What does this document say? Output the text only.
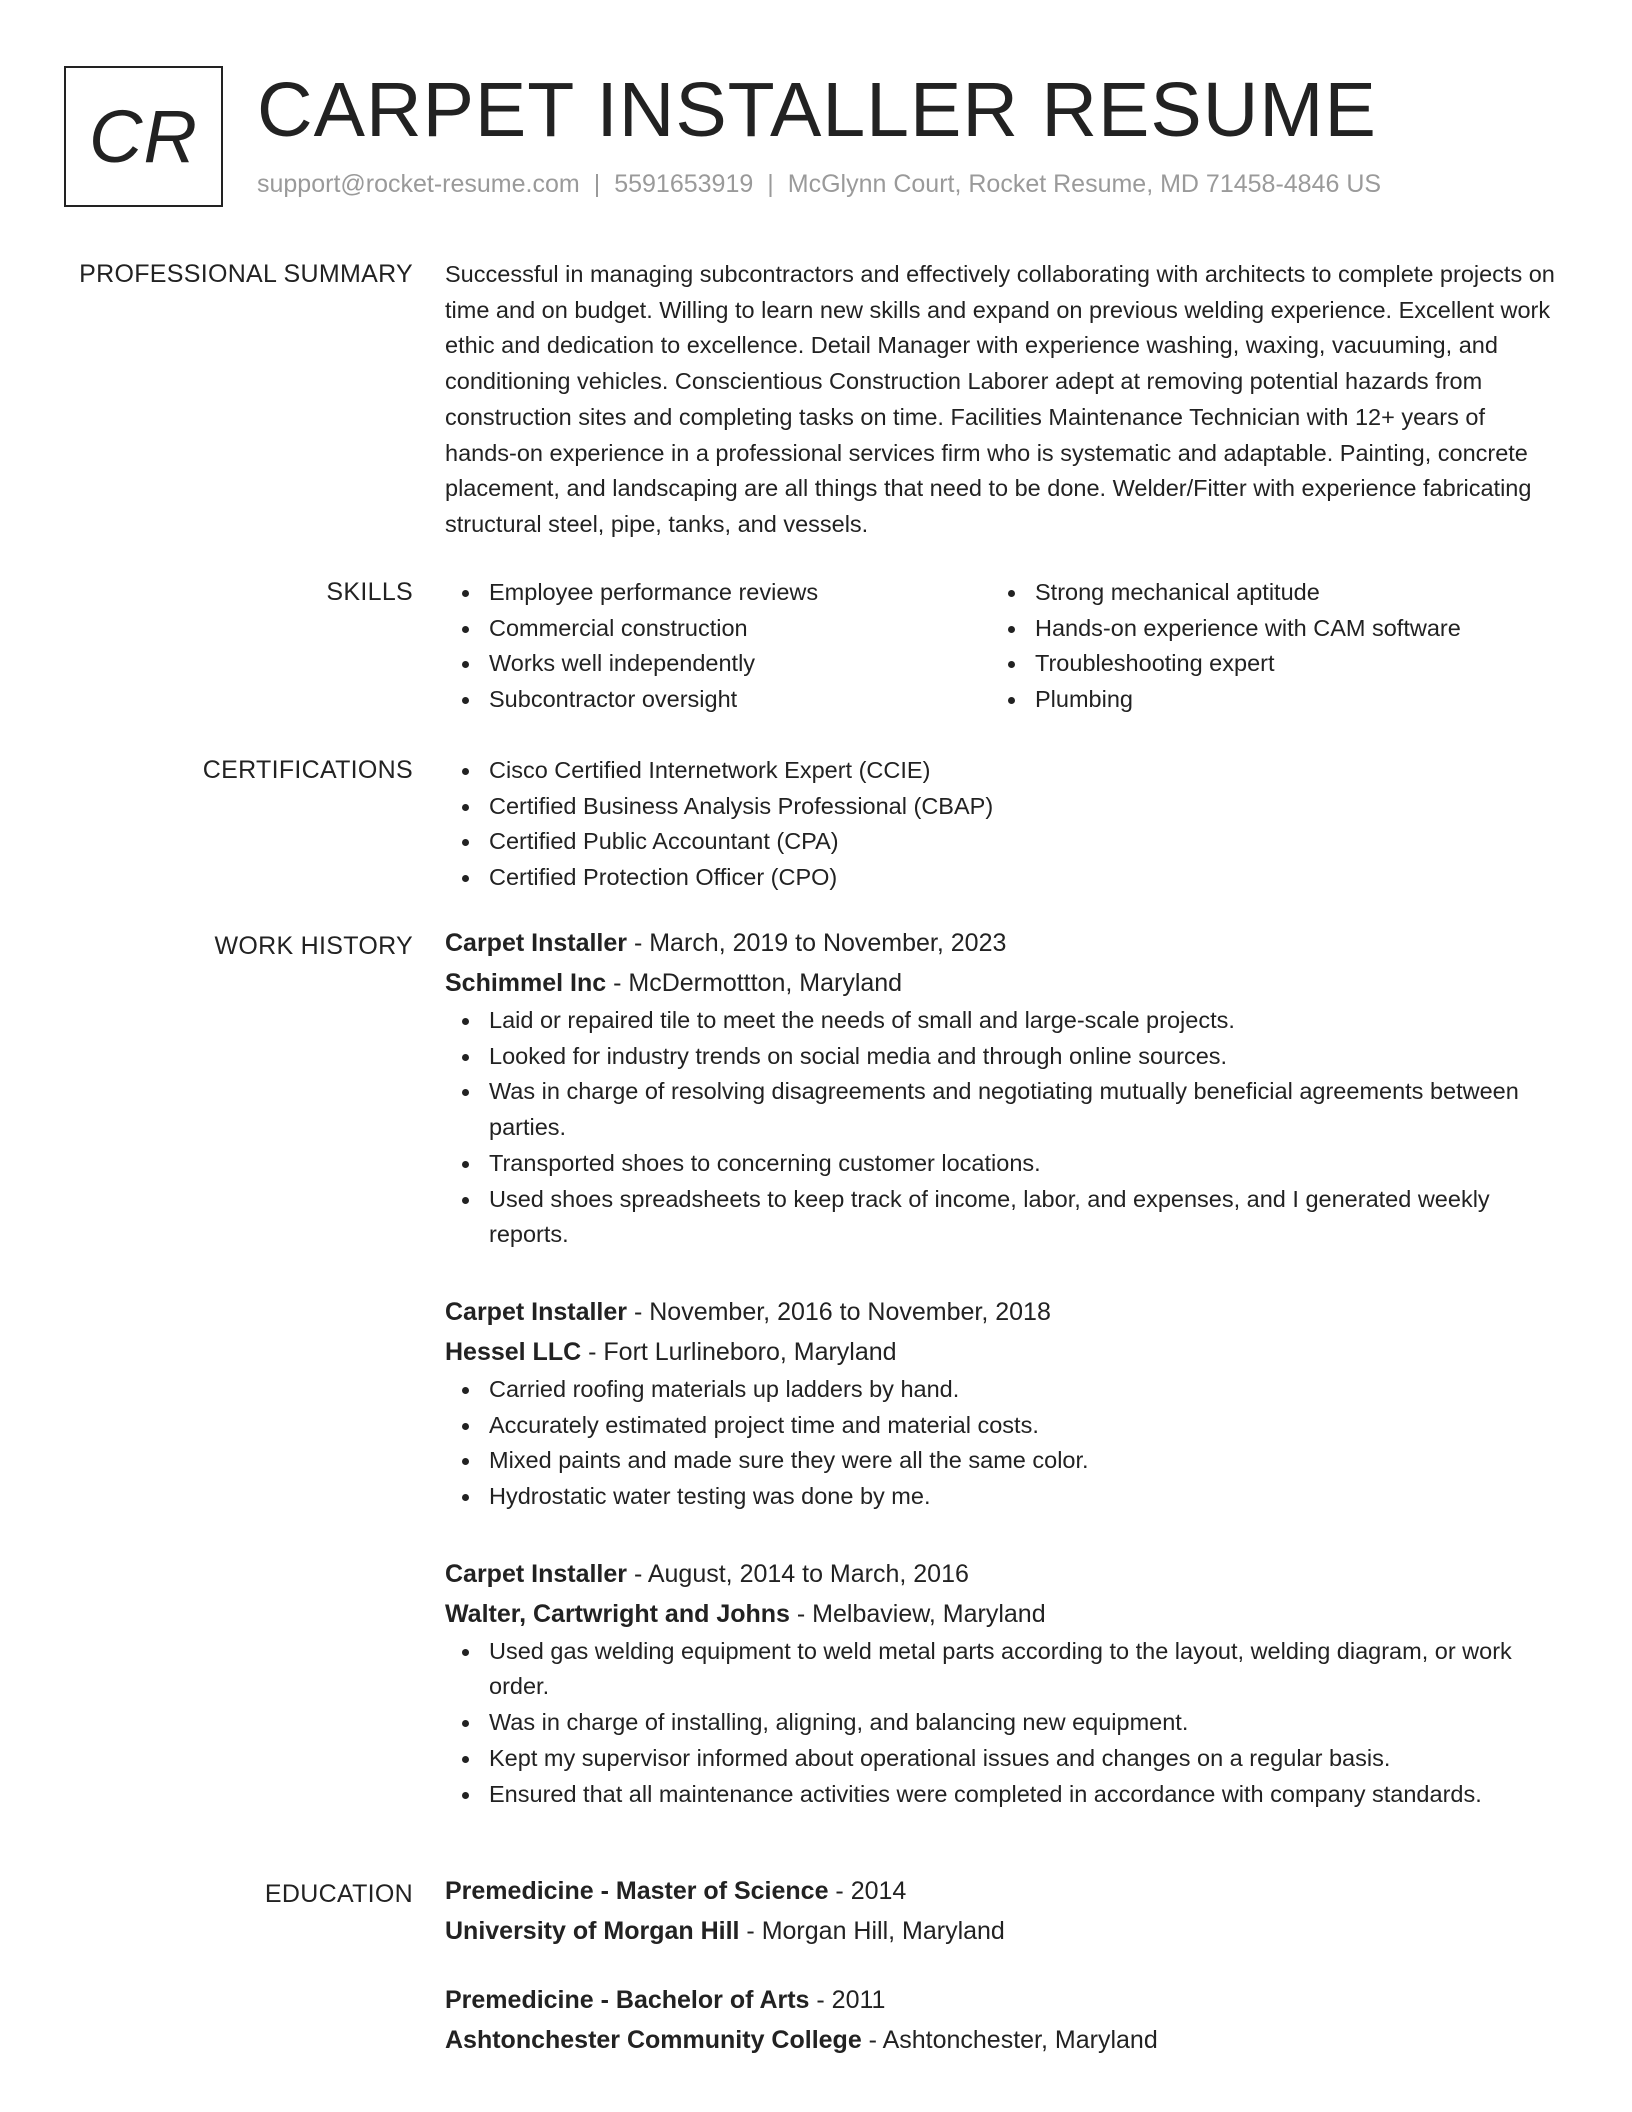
CR CARPET INSTALLER RESUME
support@rocket-resume.com | 5591653919 | McGlynn Court, Rocket Resume, MD 71458-4846 US
PROFESSIONAL SUMMARY Successful in managing subcontractors and effectively collaborating with architects to complete projects on time and on budget. Willing to learn new skills and expand on previous welding experience. Excellent work ethic and dedication to excellence. Detail Manager with experience washing, waxing, vacuuming, and conditioning vehicles. Conscientious Construction Laborer adept at removing potential hazards from construction sites and completing tasks on time. Facilities Maintenance Technician with 12+ years of hands-on experience in a professional services firm who is systematic and adaptable. Painting, concrete placement, and landscaping are all things that need to be done. Welder/Fitter with experience fabricating structural steel, pipe, tanks, and vessels.

SKILLS	Employee performance reviews
Commercial construction
Works well independently
Subcontractor oversight
Strong mechanical aptitude
Hands-on experience with CAM software
Troubleshooting expert
Plumbing
CERTIFICATIONS	Cisco Certified Internetwork Expert (CCIE)
Certified Business Analysis Professional (CBAP)
Certified Public Accountant (CPA)
Certified Protection Officer (CPO)
WORK HISTORY Carpet Installer - March, 2019 to November, 2023
Schimmel Inc - McDermottton, Maryland
Laid or repaired tile to meet the needs of small and large-scale projects.
Looked for industry trends on social media and through online sources.
Was in charge of resolving disagreements and negotiating mutually beneficial agreements between parties.
Transported shoes to concerning customer locations.
Used shoes spreadsheets to keep track of income, labor, and expenses, and I generated weekly reports.
Carpet Installer - November, 2016 to November, 2018
Hessel LLC - Fort Lurlineboro, Maryland
Carried roofing materials up ladders by hand.
Accurately estimated project time and material costs.
Mixed paints and made sure they were all the same color.
Hydrostatic water testing was done by me.
Carpet Installer - August, 2014 to March, 2016
Walter, Cartwright and Johns - Melbaview, Maryland
Used gas welding equipment to weld metal parts according to the layout, welding diagram, or work order.
Was in charge of installing, aligning, and balancing new equipment.
Kept my supervisor informed about operational issues and changes on a regular basis.
Ensured that all maintenance activities were completed in accordance with company standards.
EDUCATION Premedicine - Master of Science - 2014
University of Morgan Hill - Morgan Hill, Maryland
Premedicine - Bachelor of Arts - 2011
Ashtonchester Community College - Ashtonchester, Maryland
